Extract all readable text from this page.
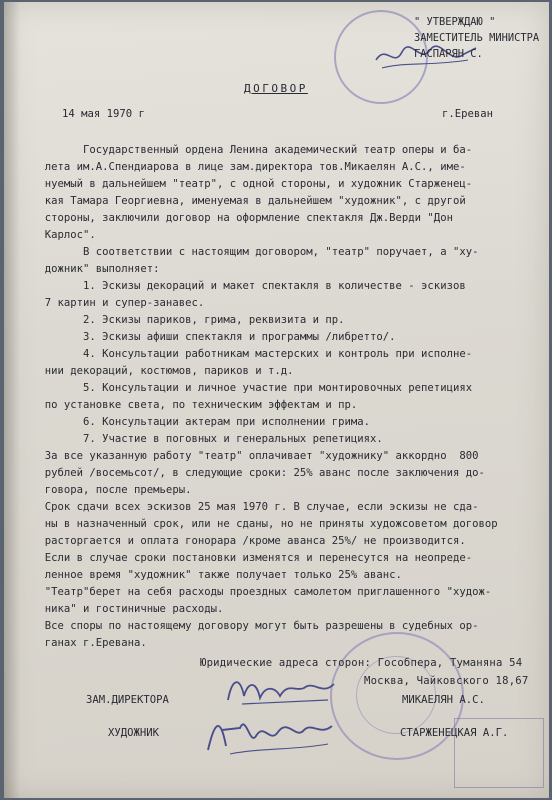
" УТВЕРЖДАЮ "
ЗАМЕСТИТЕЛЬ МИНИСТРА
ГАСПАРЯН С.
ДОГОВОР
14 мая 1970 г	г.Ереван

Государственный ордена Ленина академический театр оперы и ба-

лета им.А.Спендиарова в лице зам.директора тов.Микаелян А.С., име-

нуемый в дальнейшем "театр", с одной стороны, и художник Старженец-

кая Тамара Георгиевна, именуемая в дальнейшем "художник", с другой

стороны, заключили договор на оформление спектакля Дж.Верди "Дон

Карлос".

В соответствии с настоящим договором, "театр" поручает, а "ху-

дожник" выполняет:

1. Эскизы декораций и макет спектакля в количестве - эскизов

7 картин и супер-занавес.

2. Эскизы париков, грима, реквизита и пр.

3. Эскизы афиши спектакля и программы /либретто/.

4. Консультации работникам мастерских и контроль при исполне-

нии декораций, костюмов, париков и т.д.

5. Консультации и личное участие при монтировочных репетициях

по установке света, по техническим эффектам и пр.

6. Консультации актерам при исполнении грима.

7. Участие в поговных и генеральных репетициях.

За все указанную работу "театр" оплачивает "художнику" аккордно  800

рублей /восемьсот/, в следующие сроки: 25% аванс после заключения до-

говора, после премьеры.

Срок сдачи всех эскизов 25 мая 1970 г. В случае, если эскизы не сда-

ны в назначенный срок, или не сданы, но не приняты художсоветом договор

расторгается и оплата гонорара /кроме аванса 25%/ не производится.

Если в случае сроки постановки изменятся и перенесутся на неопреде-

ленное время "художник" также получает только 25% аванс.

"Театр"берет на себя расходы проездных самолетом приглашенного "худож-

ника" и гостиничные расходы.

Все споры по настоящему договору могут быть разрешены в судебных ор-

ганах г.Еревана.

Юридические адреса сторон: Гособпера, Туманяна 54
Москва, Чайковского 18,67
ЗАМ.ДИРЕКТОРА	МИКАЕЛЯН А.С.
ХУДОЖНИК	СТАРЖЕНЕЦКАЯ А.Г.
